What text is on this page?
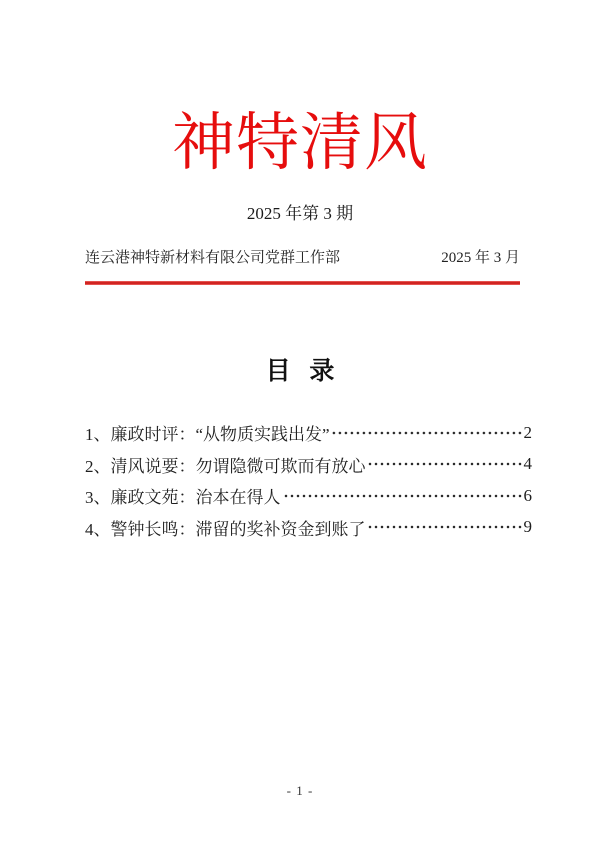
神特清风
2025 年第 3 期
连云港神特新材料有限公司党群工作部	2025 年 3 月
目   录
1、 廉政时评：“从物质实践出发”	2
2、 清风说要：勿谓隐微可欺而有放心	4
3、 廉政文苑：治本在得人	6
4、 警钟长鸣：滞留的奖补资金到账了	9
- 1 -
